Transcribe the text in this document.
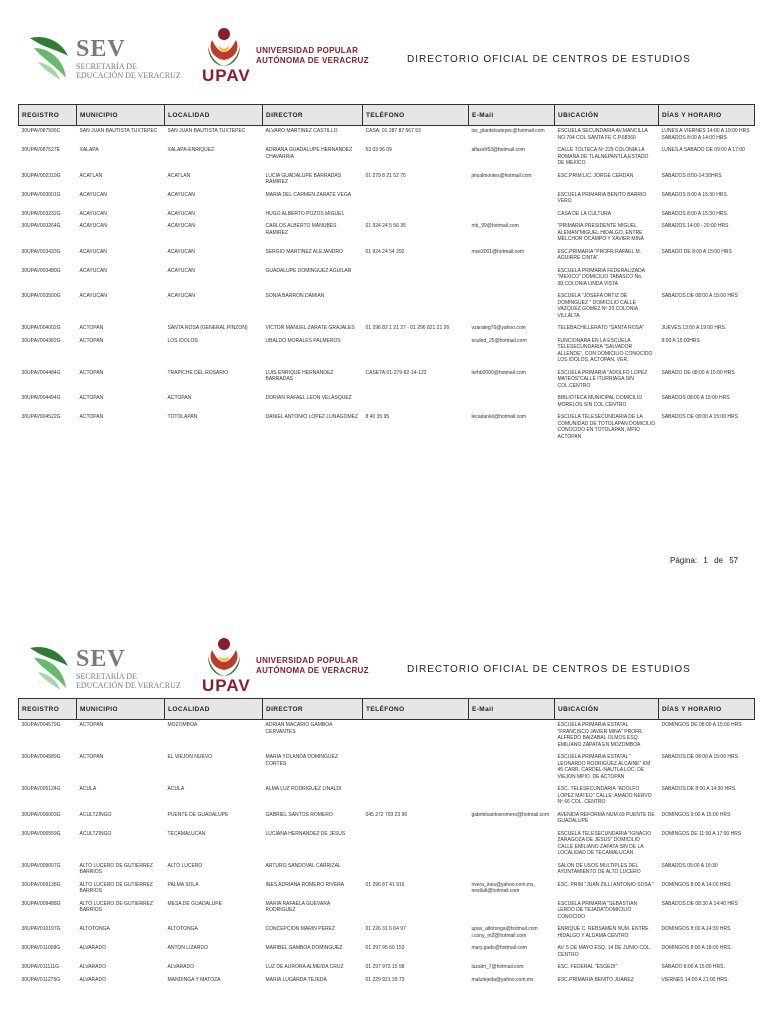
SEV
SECRETARÍA DE EDUCACIÓN DE VERACRUZ	UPAV
UNIVERSIDAD POPULAR
AUTÓNOMA DE VERACRUZ	DIRECTORIO OFICIAL DE CENTROS DE ESTUDIOS
REGISTRO	MUNICIPIO	LOCALIDAD	DIRECTOR	TELÉFONO	E-Mail	UBICACIÓN	DÍAS Y HORARIO
30UPAV087506C	SAN JUAN BAUTISTA TUXTEPEC	SAN JUAN BAUTISTA TUXTEPEC	ALVARO MARTINEZ CASTILLO	CASA: 01 287 87 567 53	iss_plantelsutepec@hotmail.com	ESCUELA SECUNDARIA AV.MANCILLA NO 704 COL SANTA FE C.P.68360	LUNES A VIERNES 14:00 A 19:00 HRS SABADOS 8:00 A 14:00 HRS
30UPAV087527E	XALAPA	XALAPA-ENRIQUEZ	ADRIANA GUADALUPE HERNANDEZ CHAVARRIA	53 03 96 09	alfasxlr53@hotmail.com	CALLE TOLTECA Nº 229 COLONIA LA ROMANA DE TLALNEPANTLA,ESTADO DE MEXICO	LUNES A SABADO DE 09:00 A 17:00
30UPAV002319G	ACATLAN	ACATLAN	LUCIA GUADALUPE BARRADAS RAMIREZ	01 279 8 21 52 75	jmcalmontes@hotmail.com	ESC.PRIM.LIC. JORGE CERDAN	SABADOS 8:00-14:30HRS
30UPAV003001G	ACAYUCAN	ACAYUCAN	MARIA DEL CARMEN ZARATE VEGA			ESCUELA PRIMARIA BENITO BARRIO VERO	SABADOS 8:00 A 15:30 HRS.
30UPAV003232G	ACAYUCAN	ACAYUCAN	HUGO ALBERTO POZOS MIGUEL			CASA DE LA CULTURA	SABADOS 8:00 A 15:30 HRS.
30UPAV003264G	ACAYUCAN	ACAYUCAN	CARLOS ALBERTO MANUBES RAMIREZ	01 924 24 5 56 35	mb_99@hotmail.com	"PRIMARIA PRESIDENTE MIGUEL ALEMAN"MIGUEL HIDALGO, ENTRE MELCHOR OCAMPO Y XAVIER MINA	SABADOS 14:00 - 20:00 HRS
30UPAV003433G	ACAYUCAN	ACAYUCAN	SERGIO MARTINEZ ALEJANDRO	01 924 24 54 292	mse2001@hotmail.com	ESC.PRIMARIA "PROFR.RAFAEL M. AGUIRRE CINTA"	SABADO DE 8:00 A 15:00 HRS
30UPAV003480G	ACAYUCAN	ACAYUCAN	GUADALUPE DOMINGUEZ AGUILAR			ESCUELA PRIMARIA FEDERALIZADA "MEXICO" DOMICILIO TABASCO No. 38,COLONIA LINDA VISTA	
30UPAV003500G	ACAYUCAN	ACAYUCAN	SONIA BARRON DAMIAN			ESCUELA "JOSEFA ORTIZ DE DOMINGUEZ " DOMICILIO CALLE VAZQUEZ GOMEZ Nº 20 COLONIA VILLALTA	SABADOS DE 08:00 A 15:00 HRS
30UPAV004002G	ACTOPAN	SANTA ROSA (GENERAL PINZON)	VICTOR MANUEL ZARATE GRAJALES	01 296 82 1 21 27 - 01 296 821 21 26	vzarateg76@yahoo.com	TELEBACHILLERATO "SANTA ROSA"	JUEVES 13:00 A 19:00 HRS.
30UPAV004382G	ACTOPAN	LOS IDOLOS	UBALDO MORALES PALMEROS		eculed_25@hotmail.com	FUNCIONARA EN LA ESCUELA TELESECUNDARIA "SALVADOR ALLENDE", CON DOMICILIO CONOCIDO LOS IDOLOS, ACTOPAN, VER.	8:00 A 15:00HRS
30UPAV004484G	ACTOPAN	TRAPICHE DEL ROSARIO	LUIS ENRIQUE HERNANDEZ BARRADAS	CASETA:01-279-82-14-122	lerhb2000@hotmail.com	ESCUELA PRIMARIA "ADOLFO LOPEZ MATEOS"CALLE ITURRIAGA S/N COL.CENTRO	SABADO DE 08:00 A 15:00 HRS
30UPAV004494G	ACTOPAN	ACTOPAN	DORIAN RAFAEL LEON VELASQUEZ			BIBLIOTECA MUNICIPAL DOMICILIO MORELOS SIN COL.CENTRO	SABADOS 08:00 A 15:00 HRS
30UPAV004522G	ACTOPAN	TOTOLAPAN	DANIEL ANTONIO LOPEZ LUNAGOMEZ	8 40 35 95	lecadaniel@hotmail.com	ESCUELA TELESECUNDARIA DE LA COMUNIDAD DE TOTOLAPAN DOMICILIO CONOCIDO EN TOTOLAPAN, MPIO ACTOPAN	SABADOS DE 08:00 A 15:00 HRS
Página: 1 de 57
SEV
SECRETARÍA DE EDUCACIÓN DE VERACRUZ	UPAV
UNIVERSIDAD POPULAR
AUTÓNOMA DE VERACRUZ	DIRECTORIO OFICIAL DE CENTROS DE ESTUDIOS
REGISTRO	MUNICIPIO	LOCALIDAD	DIRECTOR	TELÉFONO	E-Mail	UBICACIÓN	DÍAS Y HORARIO
30UPAV004579G	ACTOPAN	MOZOMBOA	ADRIAN MACARIO GAMBOA CERVANTES			ESCUELA PRIMARIA ESTATAL "FRANCISCO JAVIER MINA" PROFR. ALFREDO BAIZABAL OLMOS ESQ. EMILIANO ZAPATA EN MOZOMBOA	DOMINGOS DE 08:00 A 15:00 HRS
30UPAV004589G	ACTOPAN	EL VIEJON NUEVO	MARIA YOLANDA DOMINGUEZ CORTES			ESCUELA PRIMARIA ESTATAL " LEONARDO RODRIGUEZ ALCAINE" KM 45 CARR. CARDEL-NAUTLA LOC. DE VIEJON MPIO. DE ACTOPAN	SABADOS DE 08:00 A 15:00 HRS
30UPAV005124G	ACULA	ACULA	ALMA LUZ RODRIGUEZ LINALDI			ESC. TELESECUNDARIA "ADOLFO LOPEZ MATEO" CALLE: AMADO NERVO Nº 66 COL. CENTRO	SABADOS DE 8:00 A 14:30 HRS.
30UPAV006003G	ACULTZINGO	PUENTE DE GUADALUPE	GABRIEL SANTOS ROMERO	045 272 703 23 96	gabrielsantosromero@hotmail.com	AVENIDA REFORMA NUM.69 PUENTE DE GUADALUPE	DOMINGOS 9:00 A 15:00 HRS
30UPAV006559G	ACULTZINGO	TECAMALUCAN	LUCIANA HERNANDEZ DE JESUS			ESCUELA TELESECUNDARIA "IGNACIO ZARAGOZA DE JESUS" DOMICILIO CALLE EMILIANO ZAPATA S/N DE LA LOCALIDAD DE TECAMALUCAN	DOMINGOS DE 11:00 A 17:00 HRS
30UPAV009007G	ALTO LUCERO DE GUTIERREZ BARRIOS	ALTO LUCERO	ARTURO SANDOVAL CARRIZAL			SALON DE USOS MULTIPLES DEL AYUNTAMIENTO DE ALTO LUCERO	SABADOS 09:00 A 16:30
30UPAV009138G	ALTO LUCERO DE GUTIERREZ BARRIOS	PALMA SOLA	INES ADRIANA ROMERO RIVERA	01 296 87 41 916	rivera_ines@yahoo.com.mx, nestlalt@hotmail.com	ESC. PRIM "JUAN ZILLI ANTONIO SOSA "	DOMINGOS 8:00 A 14:00 HRS
30UPAV009488G	ALTO LUCERO DE GUTIERREZ BARRIOS	MESA DE GUADALUPE	MARIA RAFAELA GUEVARA RODRIGUEZ			ESCUELA PRIMARIA "SEBASTIAN LERDO DE TEJADA"DOMICILIO CONOCIDO	SABADOS DE 08:30 A 14:40 HRS
30UPAV010197G	ALTOTONGA	ALTOTONGA	CONCEPCION MARIN PEREZ	01 226 31 6 04 97	upav_altotonga@hotmail.com i.cony_m2@hotmail.com	ENRIQUE C. REBSAMEN NUM. ENTRE HIDALGO Y ALDAMA CENTRO	DOMINGOS 8:00 A 14:30 HRS
30UPAV011008G	ALVARADO	ANTON LIZARDO	MARIBEL GAMBOA DOMINGUEZ	01 297 95 60 153	mary.gado@hotmail.com	AV. 5 DE MAYO ESQ. 14 DE JUNIO COL. CENTRO	DOMINGOS 8:00 A 18:00 HRS.
30UPAV011111G	ALVARADO	ALVARADO	LUZ DE AURORA ALMEIDA CRUZ	01 297 973 15 98	luzalm_7@hotmail.com	ESC. FEDERAL "ESGEDI"	SABADO 8:00 A 15:00 HRS.
30UPAV011275G	ALVARADO	MANDINGA Y MATOZA	MARIA LUGARDA TEJEDA	01 229 921 39 73	malutejeda@yahoo.com.mx	ESC.PRIMARIA BENITO JUAREZ	VIERNES 14:00 A 21:00 HRS.
